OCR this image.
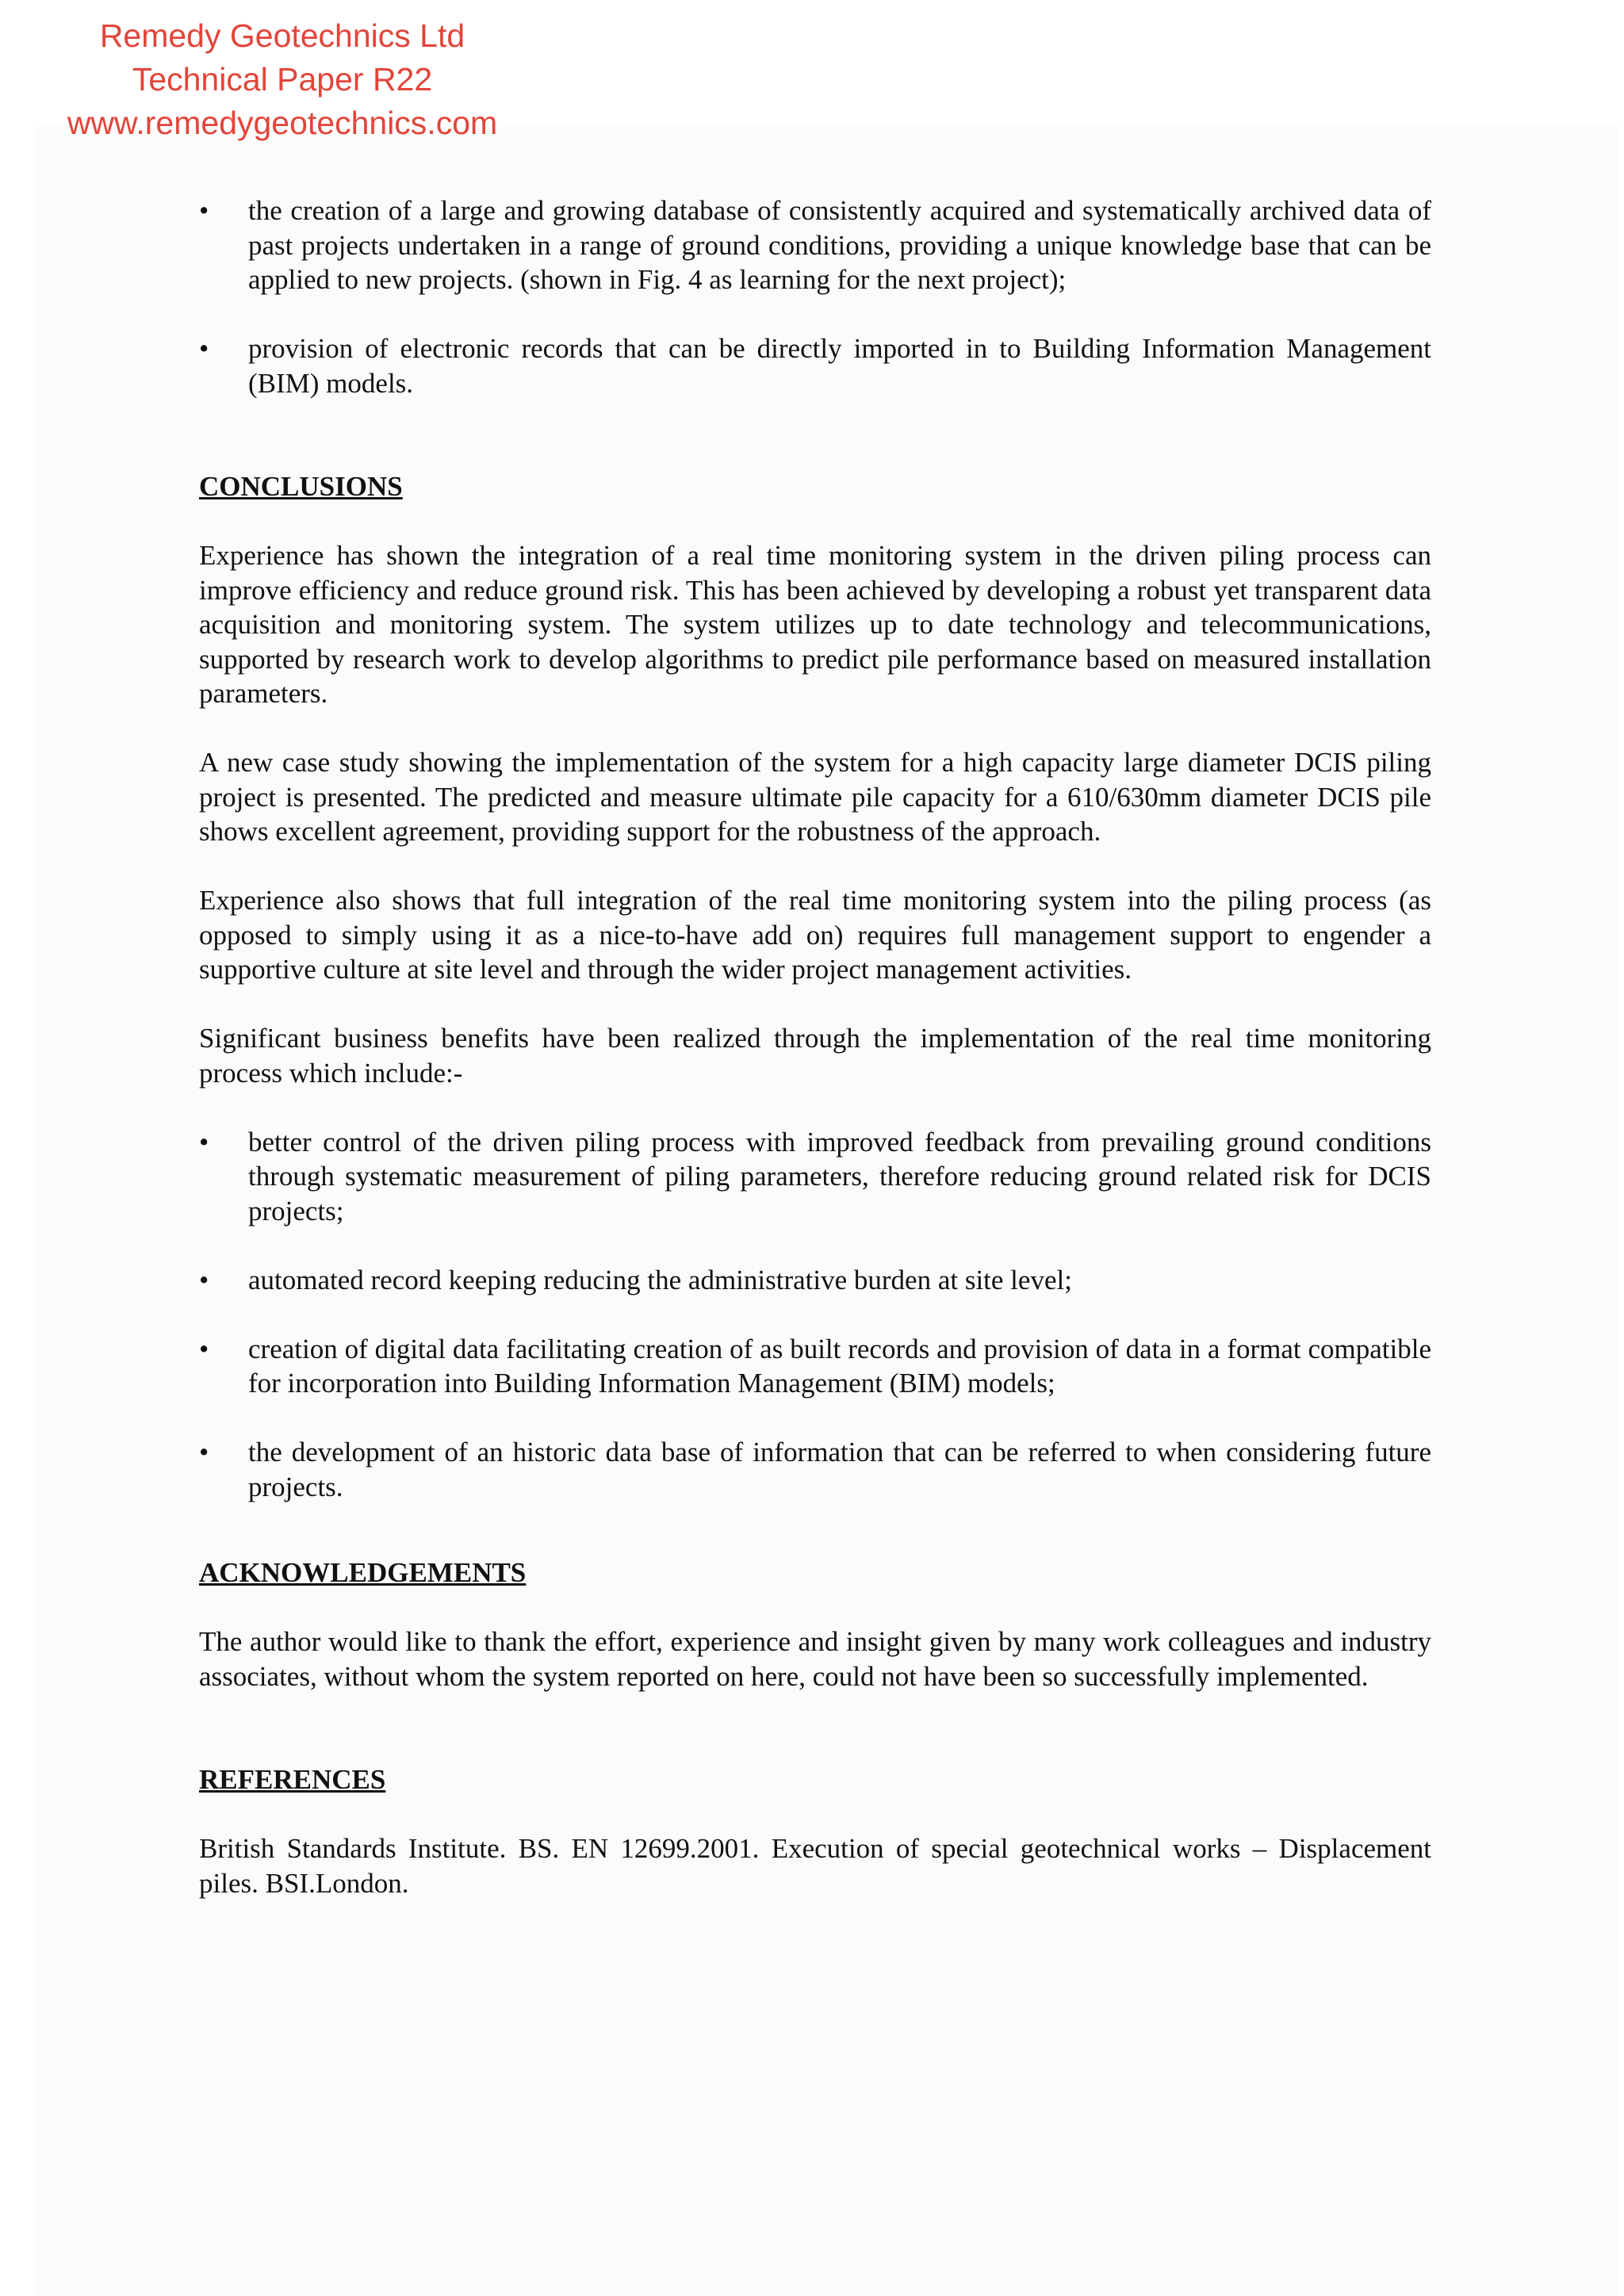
Remedy Geotechnics Ltd
Technical Paper R22
www.remedygeotechnics.com
• the creation of a large and growing database of consistently acquired and systematically archived data of past projects undertaken in a range of ground conditions, providing a unique knowledge base that can be applied to new projects. (shown in Fig. 4 as learning for the next project);
• provision of electronic records that can be directly imported in to Building Information Management (BIM) models.
CONCLUSIONS

Experience has shown the integration of a real time monitoring system in the driven piling process can improve efficiency and reduce ground risk. This has been achieved by developing a robust yet transparent data acquisition and monitoring system. The system utilizes up to date technology and telecommunications, supported by research work to develop algorithms to predict pile performance based on measured installation parameters.

A new case study showing the implementation of the system for a high capacity large diameter DCIS piling project is presented. The predicted and measure ultimate pile capacity for a 610/630mm diameter DCIS pile shows excellent agreement, providing support for the robustness of the approach.

Experience also shows that full integration of the real time monitoring system into the piling process (as opposed to simply using it as a nice-to-have add on) requires full management support to engender a supportive culture at site level and through the wider project management activities.

Significant business benefits have been realized through the implementation of the real time monitoring process which include:-

• better control of the driven piling process with improved feedback from prevailing ground conditions through systematic measurement of piling parameters, therefore reducing ground related risk for DCIS projects;
• automated record keeping reducing the administrative burden at site level;
• creation of digital data facilitating creation of as built records and provision of data in a format compatible for incorporation into Building Information Management (BIM) models;
• the development of an historic data base of information that can be referred to when considering future projects.
ACKNOWLEDGEMENTS

The author would like to thank the effort, experience and insight given by many work colleagues and industry associates, without whom the system reported on here, could not have been so successfully implemented.

REFERENCES

British Standards Institute. BS. EN 12699.2001. Execution of special geotechnical works – Displacement piles. BSI.London.
